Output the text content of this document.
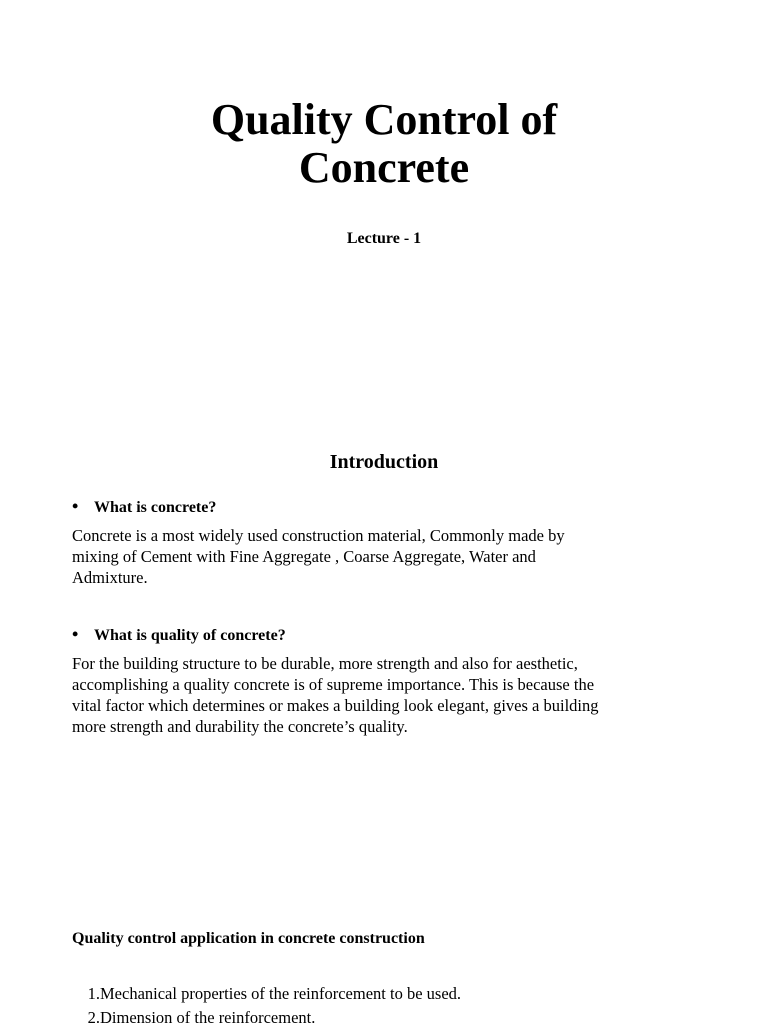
Quality Control of
Concrete

Lecture - 1

Introduction

• What is concrete?

Concrete is a most widely used construction material, Commonly made by
mixing of Cement with Fine Aggregate , Coarse Aggregate, Water and
Admixture.

• What is quality of concrete?

For the building structure to be durable, more strength and also for aesthetic,
accomplishing a quality concrete is of supreme importance. This is because the
vital factor which determines or makes a building look elegant, gives a building
more strength and durability the concrete’s quality.

Quality control application in concrete construction

1.Mechanical properties of the reinforcement to be used.
2.Dimension of the reinforcement.
